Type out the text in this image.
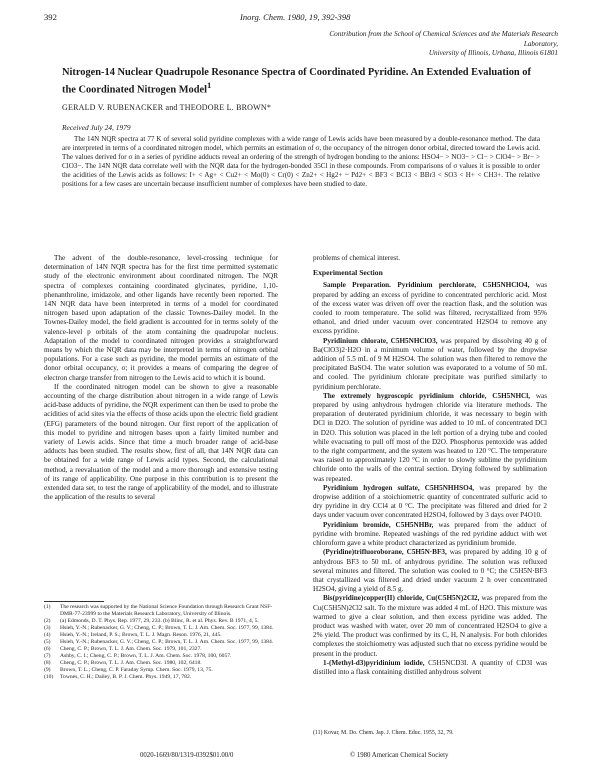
392	Inorg. Chem. 1980, 19, 392-398
Contribution from the School of Chemical Sciences and the Materials Research Laboratory,
University of Illinois, Urbana, Illinois 61801
Nitrogen-14 Nuclear Quadrupole Resonance Spectra of Coordinated Pyridine. An Extended Evaluation of the Coordinated Nitrogen Model$^1$
GERALD V. RUBENACKER and THEODORE L. BROWN*
Received July 24, 1979
The 14N NQR spectra at 77 K of several solid pyridine complexes with a wide range of Lewis acids have been measured by a double-resonance method. The data are interpreted in terms of a coordinated nitrogen model, which permits an estimation of σ, the occupancy of the nitrogen donor orbital, directed toward the Lewis acid. The values derived for σ in a series of pyridine adducts reveal an ordering of the strength of hydrogen bonding to the anions: HSO4− > NO3− > Cl− > ClO4− > Br− > ClO3−. The 14N NQR data correlate well with the NQR data for the hydrogen-bonded 35Cl in these compounds. From comparisons of σ values it is possible to order the acidities of the Lewis acids as follows: I+ < Ag+ < Cu2+ < Mo(0) < Cr(0) < Zn2+ < Hg2+ ~ Pd2+ < BF3 < BCl3 < BBr3 < SO3 < H+ < CH3+. The relative positions for a few cases are uncertain because insufficient number of complexes have been studied to date.

The advent of the double-resonance, level-crossing technique for determination of 14N NQR spectra has for the first time permitted systematic study of the electronic environment about coordinated nitrogen. The NQR spectra of complexes containing coordinated glycinates, pyridine, 1,10-phenanthroline, imidazole, and other ligands have recently been reported. The 14N NQR data have been interpreted in terms of a model for coordinated nitrogen based upon adaptation of the classic Townes-Dailey model. In the Townes-Dailey model, the field gradient is accounted for in terms solely of the valence-level p orbitals of the atom containing the quadrupolar nucleus. Adaptation of the model to coordinated nitrogen provides a straightforward means by which the NQR data may be interpreted in terms of nitrogen orbital populations. For a case such as pyridine, the model permits an estimate of the donor orbital occupancy, σ; it provides a means of comparing the degree of electron charge transfer from nitrogen to the Lewis acid to which it is bound.

If the coordinated nitrogen model can be shown to give a reasonable accounting of the charge distribution about nitrogen in a wide range of Lewis acid-base adducts of pyridine, the NQR experiment can then be used to probe the acidities of acid sites via the effects of those acids upon the electric field gradient (EFG) parameters of the bound nitrogen. Our first report of the application of this model to pyridine and nitrogen bases upon a fairly limited number and variety of Lewis acids. Since that time a much broader range of acid-base adducts has been studied. The results show, first of all, that 14N NQR data can be obtained for a wide range of Lewis acid types. Second, the calculational method, a reevaluation of the model and a more thorough and extensive testing of its range of applicability. One purpose in this contribution is to present the extended data set, to test the range of applicability of the model, and to illustrate the application of the results to several

problems of chemical interest.

Experimental Section

Sample Preparation. Pyridinium perchlorate, C5H5NHClO4, was prepared by adding an excess of pyridine to concentrated perchloric acid. Most of the excess water was driven off over the reaction flask, and the solution was cooled to room temperature. The solid was filtered, recrystallized from 95% ethanol, and dried under vacuum over concentrated H2SO4 to remove any excess pyridine.

Pyridinium chlorate, C5H5NHClO3, was prepared by dissolving 40 g of Ba(ClO3)2·H2O in a minimum volume of water, followed by the dropwise addition of 5.5 mL of 9 M H2SO4. The solution was then filtered to remove the precipitated BaSO4. The water solution was evaporated to a volume of 50 mL and cooled. The pyridinium chlorate precipitate was purified similarly to pyridinium perchlorate.

The extremely hygroscopic pyridinium chloride, C5H5NHCl, was prepared by using anhydrous hydrogen chloride via literature methods. The preparation of deuterated pyridinium chloride, it was necessary to begin with DCl in D2O. The solution of pyridine was added to 10 mL of concentrated DCl in D2O. This solution was placed in the left portion of a drying tube and cooled while evacuating to pull off most of the D2O. Phosphorus pentoxide was added to the right compartment, and the system was heated to 120 °C. The temperature was raised to approximately 120 °C in order to slowly sublime the pyridinium chloride onto the walls of the central section. Drying followed by sublimation was repeated.

Pyridinium hydrogen sulfate, C5H5NHHSO4, was prepared by the dropwise addition of a stoichiometric quantity of concentrated sulfuric acid to dry pyridine in dry CCl4 at 0 °C. The precipitate was filtered and dried for 2 days under vacuum over concentrated H2SO4, followed by 3 days over P4O10.

Pyridinium bromide, C5H5NHBr, was prepared from the adduct of pyridine with bromine. Repeated washings of the red pyridine adduct with wet chloroform gave a white product characterized as pyridinium bromide.

(Pyridine)trifluoroborane, C5H5N·BF3, was prepared by adding 10 g of anhydrous BF3 to 50 mL of anhydrous pyridine. The solution was refluxed several minutes and filtered. The solution was cooled to 0 °C; the C5H5N·BF3 that crystallized was filtered and dried under vacuum 2 h over concentrated H2SO4, giving a yield of 8.5 g.

Bis(pyridine)copper(II) chloride, Cu(C5H5N)2Cl2, was prepared from the Cu(C5H5N)2Cl2 salt. To the mixture was added 4 mL of H2O. This mixture was warmed to give a clear solution, and then excess pyridine was added. The product was washed with water, over 20 mm of concentrated H2SO4 to give a 2% yield. The product was confirmed by its C, H, N analysis. For both chlorides complexes the stoichiometry was adjusted such that no excess pyridine would be present in the product.

1-(Methyl-d3)pyridinium iodide, C5H5NCD3I. A quantity of CD3I was distilled into a flask containing distilled anhydrous solvent

(1)	The research was supported by the National Science Foundation through Research Grant NSF-DMR-77-23999 to the Materials Research Laboratory, University of Illinois.
(2)	(a) Edmonds, D. T. Phys. Rep. 1977, 29, 233. (b) Blinc, R. et al. Phys. Rev. B 1971, 4, 5.
(3)	Hsieh, Y.-N.; Rubenacker, G. V.; Cheng, C. P.; Brown, T. L. J. Am. Chem. Soc. 1977, 99, 1384.
(4)	Hsieh, Y.-N.; Ireland, P. S.; Brown, T. L. J. Magn. Reson. 1976, 21, 445.
(5)	Hsieh, Y.-N.; Rubenacker, G. V.; Cheng, C. P.; Brown, T. L. J. Am. Chem. Soc. 1977, 99, 1384.
(6)	Cheng, C. P.; Brown, T. L. J. Am. Chem. Soc. 1979, 101, 2327.
(7)	Ashby, C. I.; Cheng, C. P.; Brown, T. L. J. Am. Chem. Soc. 1978, 100, 6057.
(8)	Cheng, C. P.; Brown, T. L. J. Am. Chem. Soc. 1980, 102, 6418.
(9)	Brown, T. L.; Cheng, C. P. Faraday Symp. Chem. Soc. 1979, 13, 75.
(10)	Townes, C. H.; Dailey, B. P. J. Chem. Phys. 1949, 17, 782.
(11) Kovar, M. Do. Chem. Jap. J. Chem. Educ. 1955, 32, 79.
0020-1669/80/1319-0392$01.00/0	© 1980 American Chemical Society
